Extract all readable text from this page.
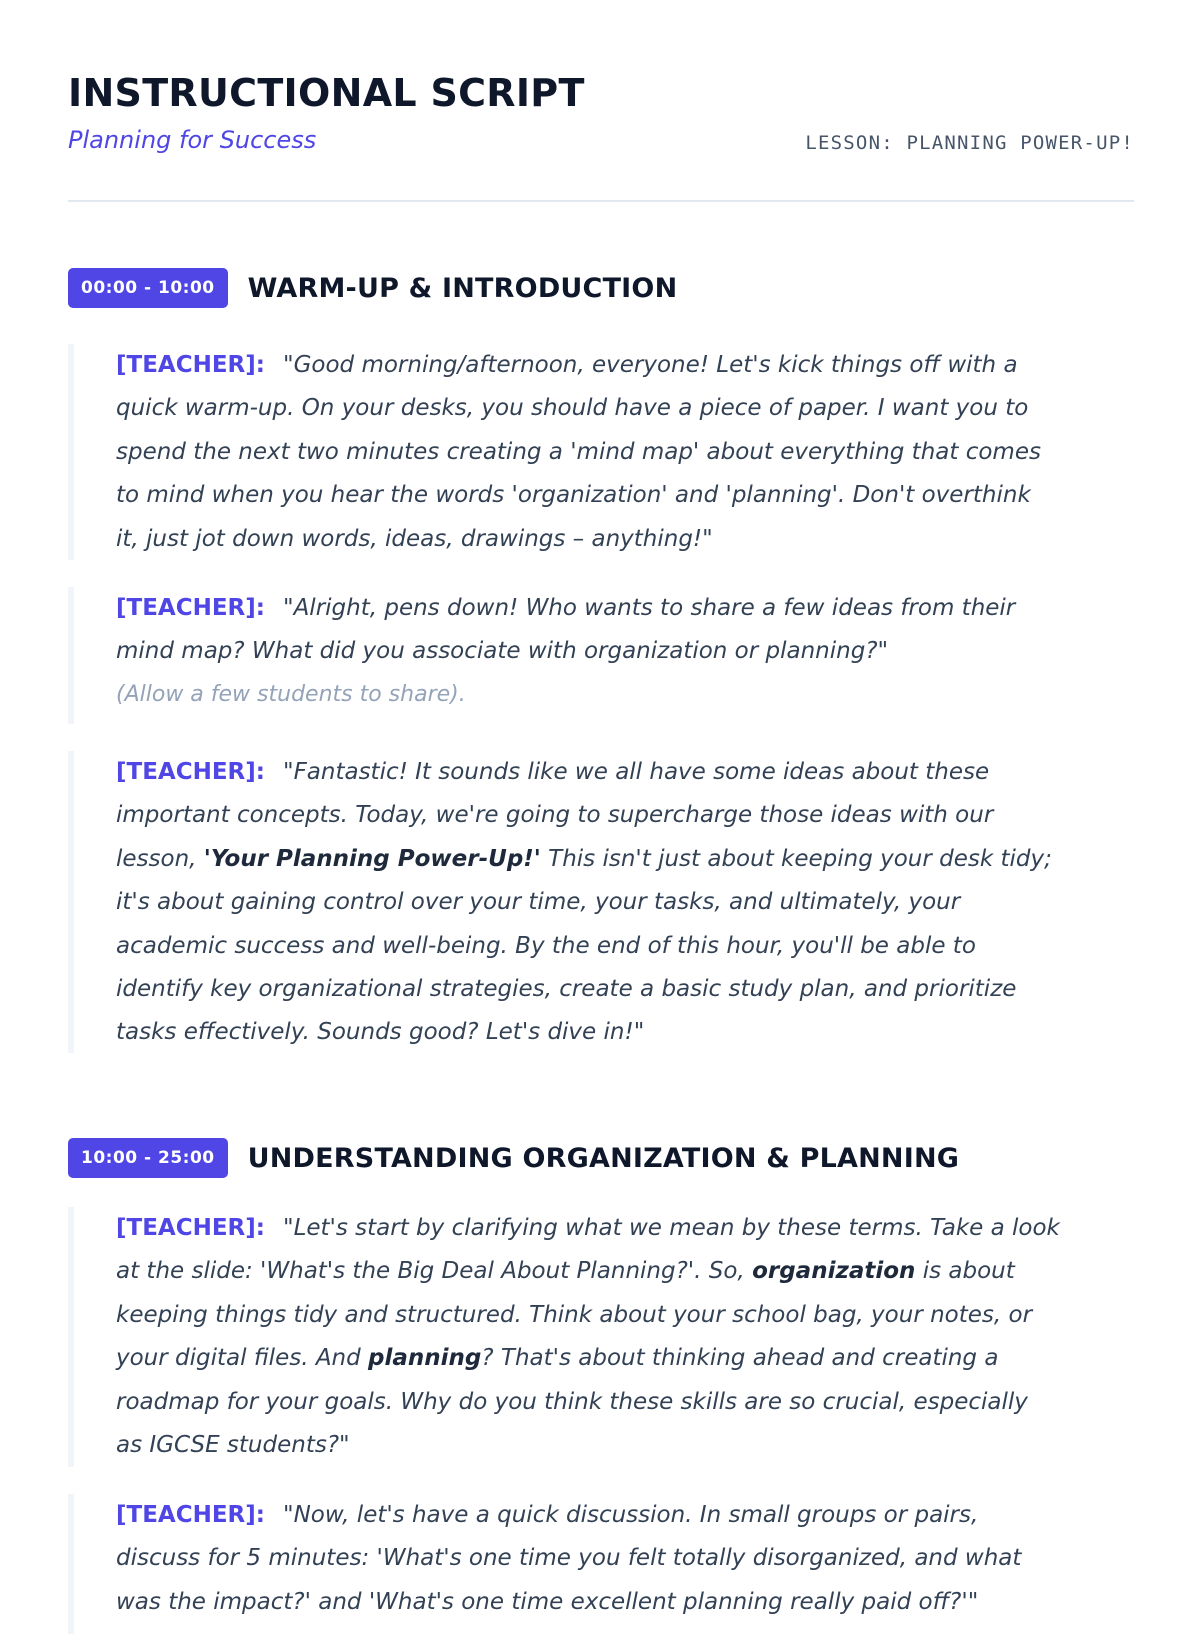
INSTRUCTIONAL SCRIPT
Planning for Success	LESSON: PLANNING POWER-UP!
00:00 - 10:00	WARM-UP & INTRODUCTION

[TEACHER]: "Good morning/afternoon, everyone! Let's kick things off with a

quick warm-up. On your desks, you should have a piece of paper. I want you to

spend the next two minutes creating a 'mind map' about everything that comes

to mind when you hear the words 'organization' and 'planning'. Don't overthink

it, just jot down words, ideas, drawings – anything!"

[TEACHER]: "Alright, pens down! Who wants to share a few ideas from their

mind map? What did you associate with organization or planning?"

(Allow a few students to share).

[TEACHER]: "Fantastic! It sounds like we all have some ideas about these

important concepts. Today, we're going to supercharge those ideas with our

lesson, 'Your Planning Power-Up!' This isn't just about keeping your desk tidy;

it's about gaining control over your time, your tasks, and ultimately, your

academic success and well-being. By the end of this hour, you'll be able to

identify key organizational strategies, create a basic study plan, and prioritize

tasks effectively. Sounds good? Let's dive in!"

10:00 - 25:00	UNDERSTANDING ORGANIZATION & PLANNING

[TEACHER]: "Let's start by clarifying what we mean by these terms. Take a look

at the slide: 'What's the Big Deal About Planning?'. So, organization is about

keeping things tidy and structured. Think about your school bag, your notes, or

your digital files. And planning? That's about thinking ahead and creating a

roadmap for your goals. Why do you think these skills are so crucial, especially

as IGCSE students?"

[TEACHER]: "Now, let's have a quick discussion. In small groups or pairs,

discuss for 5 minutes: 'What's one time you felt totally disorganized, and what

was the impact?' and 'What's one time excellent planning really paid off?'"
